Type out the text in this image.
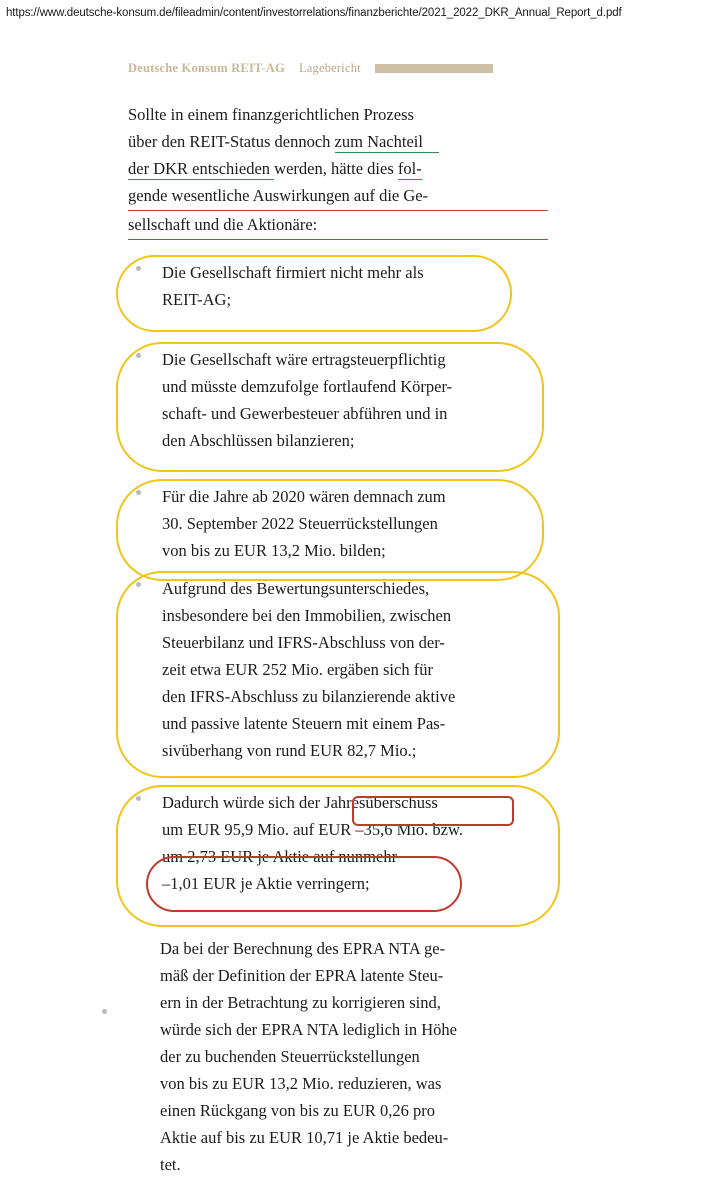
https://www.deutsche-konsum.de/fileadmin/content/investorrelations/finanzberichte/2021_2022_DKR_Annual_Report_d.pdf
Deutsche Konsum REIT-AG Lagebericht
Sollte in einem finanzgerichtlichen Prozess
über den REIT-Status dennoch zum Nachteil
der DKR entschieden werden, hätte dies fol-
gende wesentliche Auswirkungen auf die Ge-
sellschaft und die Aktionäre:
Die Gesellschaft firmiert nicht mehr als
REIT-AG;
Die Gesellschaft wäre ertragsteuerpflichtig
und müsste demzufolge fortlaufend Körper-
schaft- und Gewerbesteuer abführen und in
den Abschlüssen bilanzieren;
Für die Jahre ab 2020 wären demnach zum
30. September 2022 Steuerrückstellungen
von bis zu EUR 13,2 Mio. bilden;
Aufgrund des Bewertungsunterschiedes,
insbesondere bei den Immobilien, zwischen
Steuerbilanz und IFRS-Abschluss von der-
zeit etwa EUR 252 Mio. ergäben sich für
den IFRS-Abschluss zu bilanzierende aktive
und passive latente Steuern mit einem Pas-
sivüberhang von rund EUR 82,7 Mio.;
Dadurch würde sich der Jahresüberschuss
um EUR 95,9 Mio. auf EUR –35,6 Mio. bzw.
um 2,73 EUR je Aktie auf nunmehr
–1,01 EUR je Aktie verringern;
Da bei der Berechnung des EPRA NTA ge-
mäß der Definition der EPRA latente Steu-
ern in der Betrachtung zu korrigieren sind,
würde sich der EPRA NTA lediglich in Höhe
der zu buchenden Steuerrückstellungen
von bis zu EUR 13,2 Mio. reduzieren, was
einen Rückgang von bis zu EUR 0,26 pro
Aktie auf bis zu EUR 10,71 je Aktie bedeu-
tet.
